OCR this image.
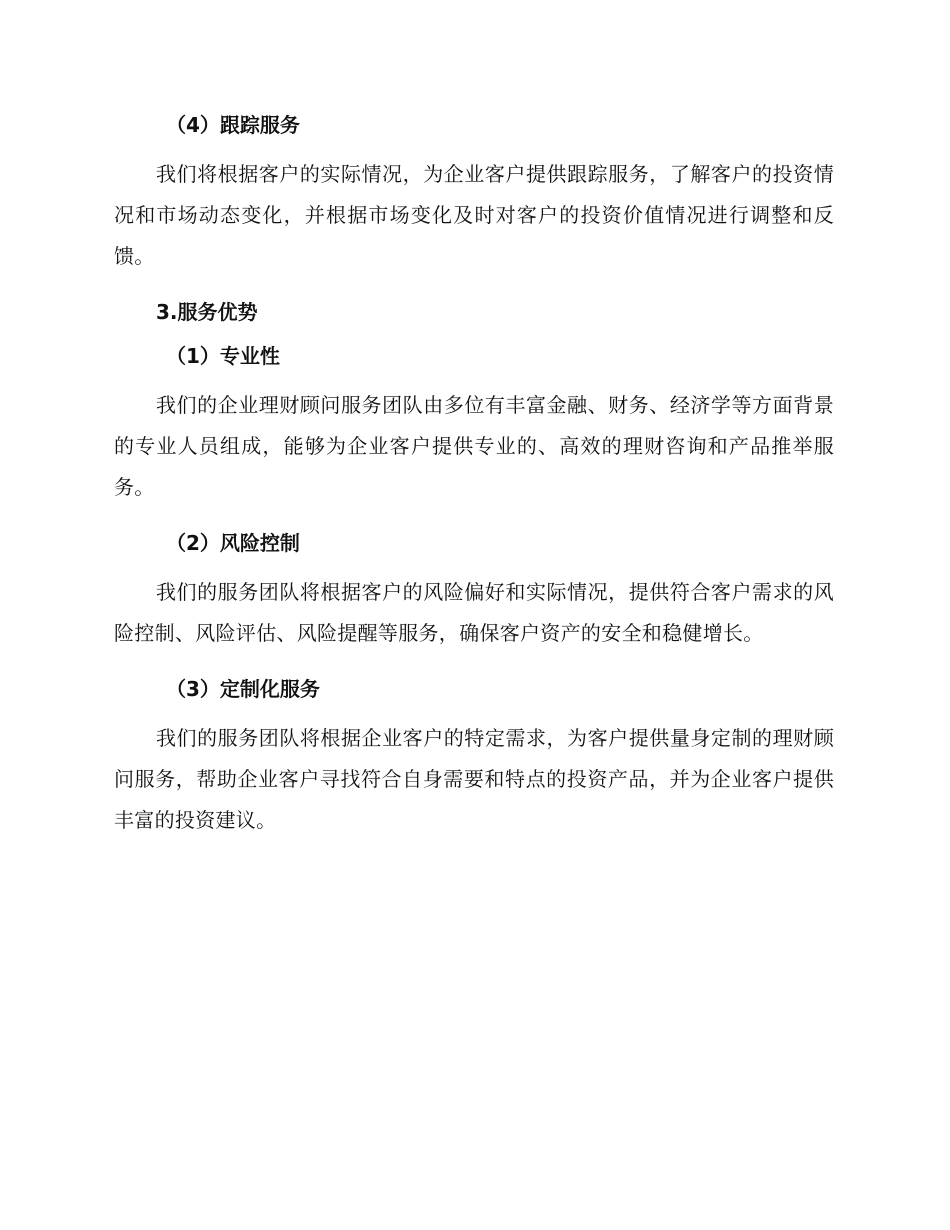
（4）跟踪服务

我们将根据客户的实际情况，为企业客户提供跟踪服务，了解客户的投资情况和市场动态变化，并根据市场变化及时对客户的投资价值情况进行调整和反馈。

3.服务优势
（1）专业性

我们的企业理财顾问服务团队由多位有丰富金融、财务、经济学等方面背景的专业人员组成，能够为企业客户提供专业的、高效的理财咨询和产品推举服务。

（2）风险控制

我们的服务团队将根据客户的风险偏好和实际情况，提供符合客户需求的风险控制、风险评估、风险提醒等服务，确保客户资产的安全和稳健增长。

（3）定制化服务

我们的服务团队将根据企业客户的特定需求，为客户提供量身定制的理财顾问服务，帮助企业客户寻找符合自身需要和特点的投资产品，并为企业客户提供丰富的投资建议。
